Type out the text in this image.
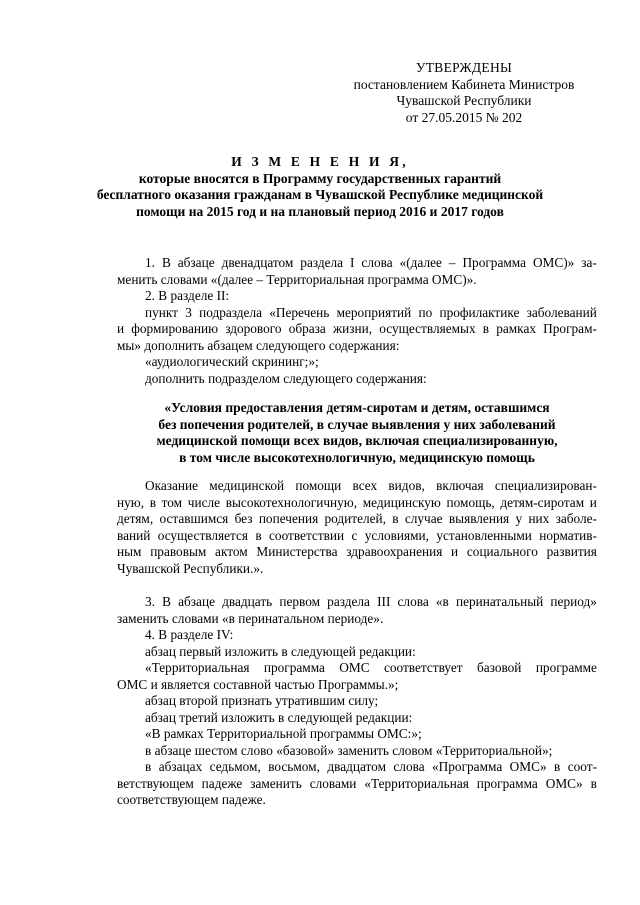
УТВЕРЖДЕНЫ
постановлением Кабинета Министров
Чувашской Республики
от 27.05.2015 № 202
И З М Е Н Е Н И Я,
которые вносятся в Программу государственных гарантий
бесплатного оказания гражданам в Чувашской Республике медицинской
помощи на 2015 год и на плановый период 2016 и 2017 годов
1. В абзаце двенадцатом раздела I слова «(далее – Программа ОМС)» за-
менить словами «(далее – Территориальная программа ОМС)».
2. В разделе II:
пункт 3 подраздела «Перечень мероприятий по профилактике заболеваний
и формированию здорового образа жизни, осуществляемых в рамках Програм-
мы» дополнить абзацем следующего содержания:
«аудиологический скрининг;»;
дополнить подразделом следующего содержания:
«Условия предоставления детям-сиротам и детям, оставшимся
без попечения родителей, в случае выявления у них заболеваний
медицинской помощи всех видов, включая специализированную,
в том числе высокотехнологичную, медицинскую помощь
Оказание медицинской помощи всех видов, включая специализирован-
ную, в том числе высокотехнологичную, медицинскую помощь, детям-сиротам и
детям, оставшимся без попечения родителей, в случае выявления у них заболе-
ваний осуществляется в соответствии с условиями, установленными норматив-
ным правовым актом Министерства здравоохранения и социального развития
Чувашской Республики.».
3. В абзаце двадцать первом раздела III слова «в перинатальный период»
заменить словами «в перинатальном периоде».
4. В разделе IV:
абзац первый изложить в следующей редакции:
«Территориальная программа ОМС соответствует базовой программе
ОМС и является составной частью Программы.»;
абзац второй признать утратившим силу;
абзац третий изложить в следующей редакции:
«В рамках Территориальной программы ОМС:»;
в абзаце шестом слово «базовой» заменить словом «Территориальной»;
в абзацах седьмом, восьмом, двадцатом слова «Программа ОМС» в соот-
ветствующем падеже заменить словами «Территориальная программа ОМС» в
соответствующем падеже.
